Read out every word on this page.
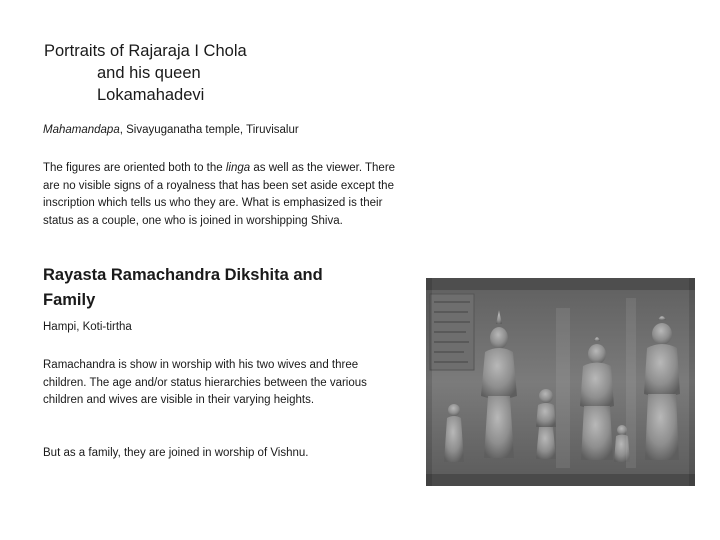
Portraits of Rajaraja I Chola
and his queen
Lokamahadevi
Mahamandapa, Sivayuganatha temple, Tiruvisalur
The figures are oriented both to the linga as well as the viewer. There are no visible signs of a royalness that has been set aside except the inscription which tells us who they are. What is emphasized is their status as a couple, one who is joined in worshipping Shiva.
Rayasta Ramachandra Dikshita and Family
Hampi, Koti-tirtha
Ramachandra is show in worship with his two wives and three children. The age and/or status hierarchies between the various children and wives are visible in their varying heights.
But as a family, they are joined in worship of Vishnu.
